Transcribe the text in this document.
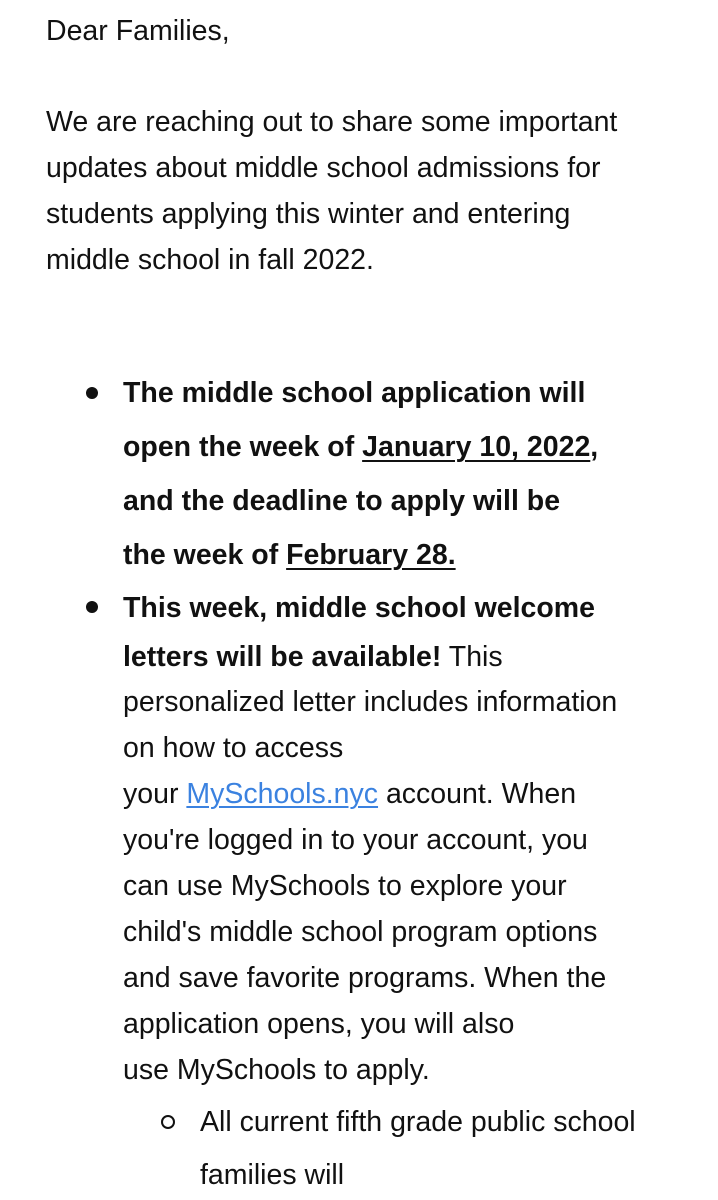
Dear Families,
We are reaching out to share some important
updates about middle school admissions for
students applying this winter and entering
middle school in fall 2022.
The middle school application will
open the week of January 10, 2022,
and the deadline to apply will be
the week of February 28.
This week, middle school welcome
letters will be available! This
personalized letter includes information
on how to access
your MySchools.nyc account. When
you're logged in to your account, you
can use MySchools to explore your
child's middle school program options
and save favorite programs. When the
application opens, you will also
use MySchools to apply.
All current fifth grade public school
families will
